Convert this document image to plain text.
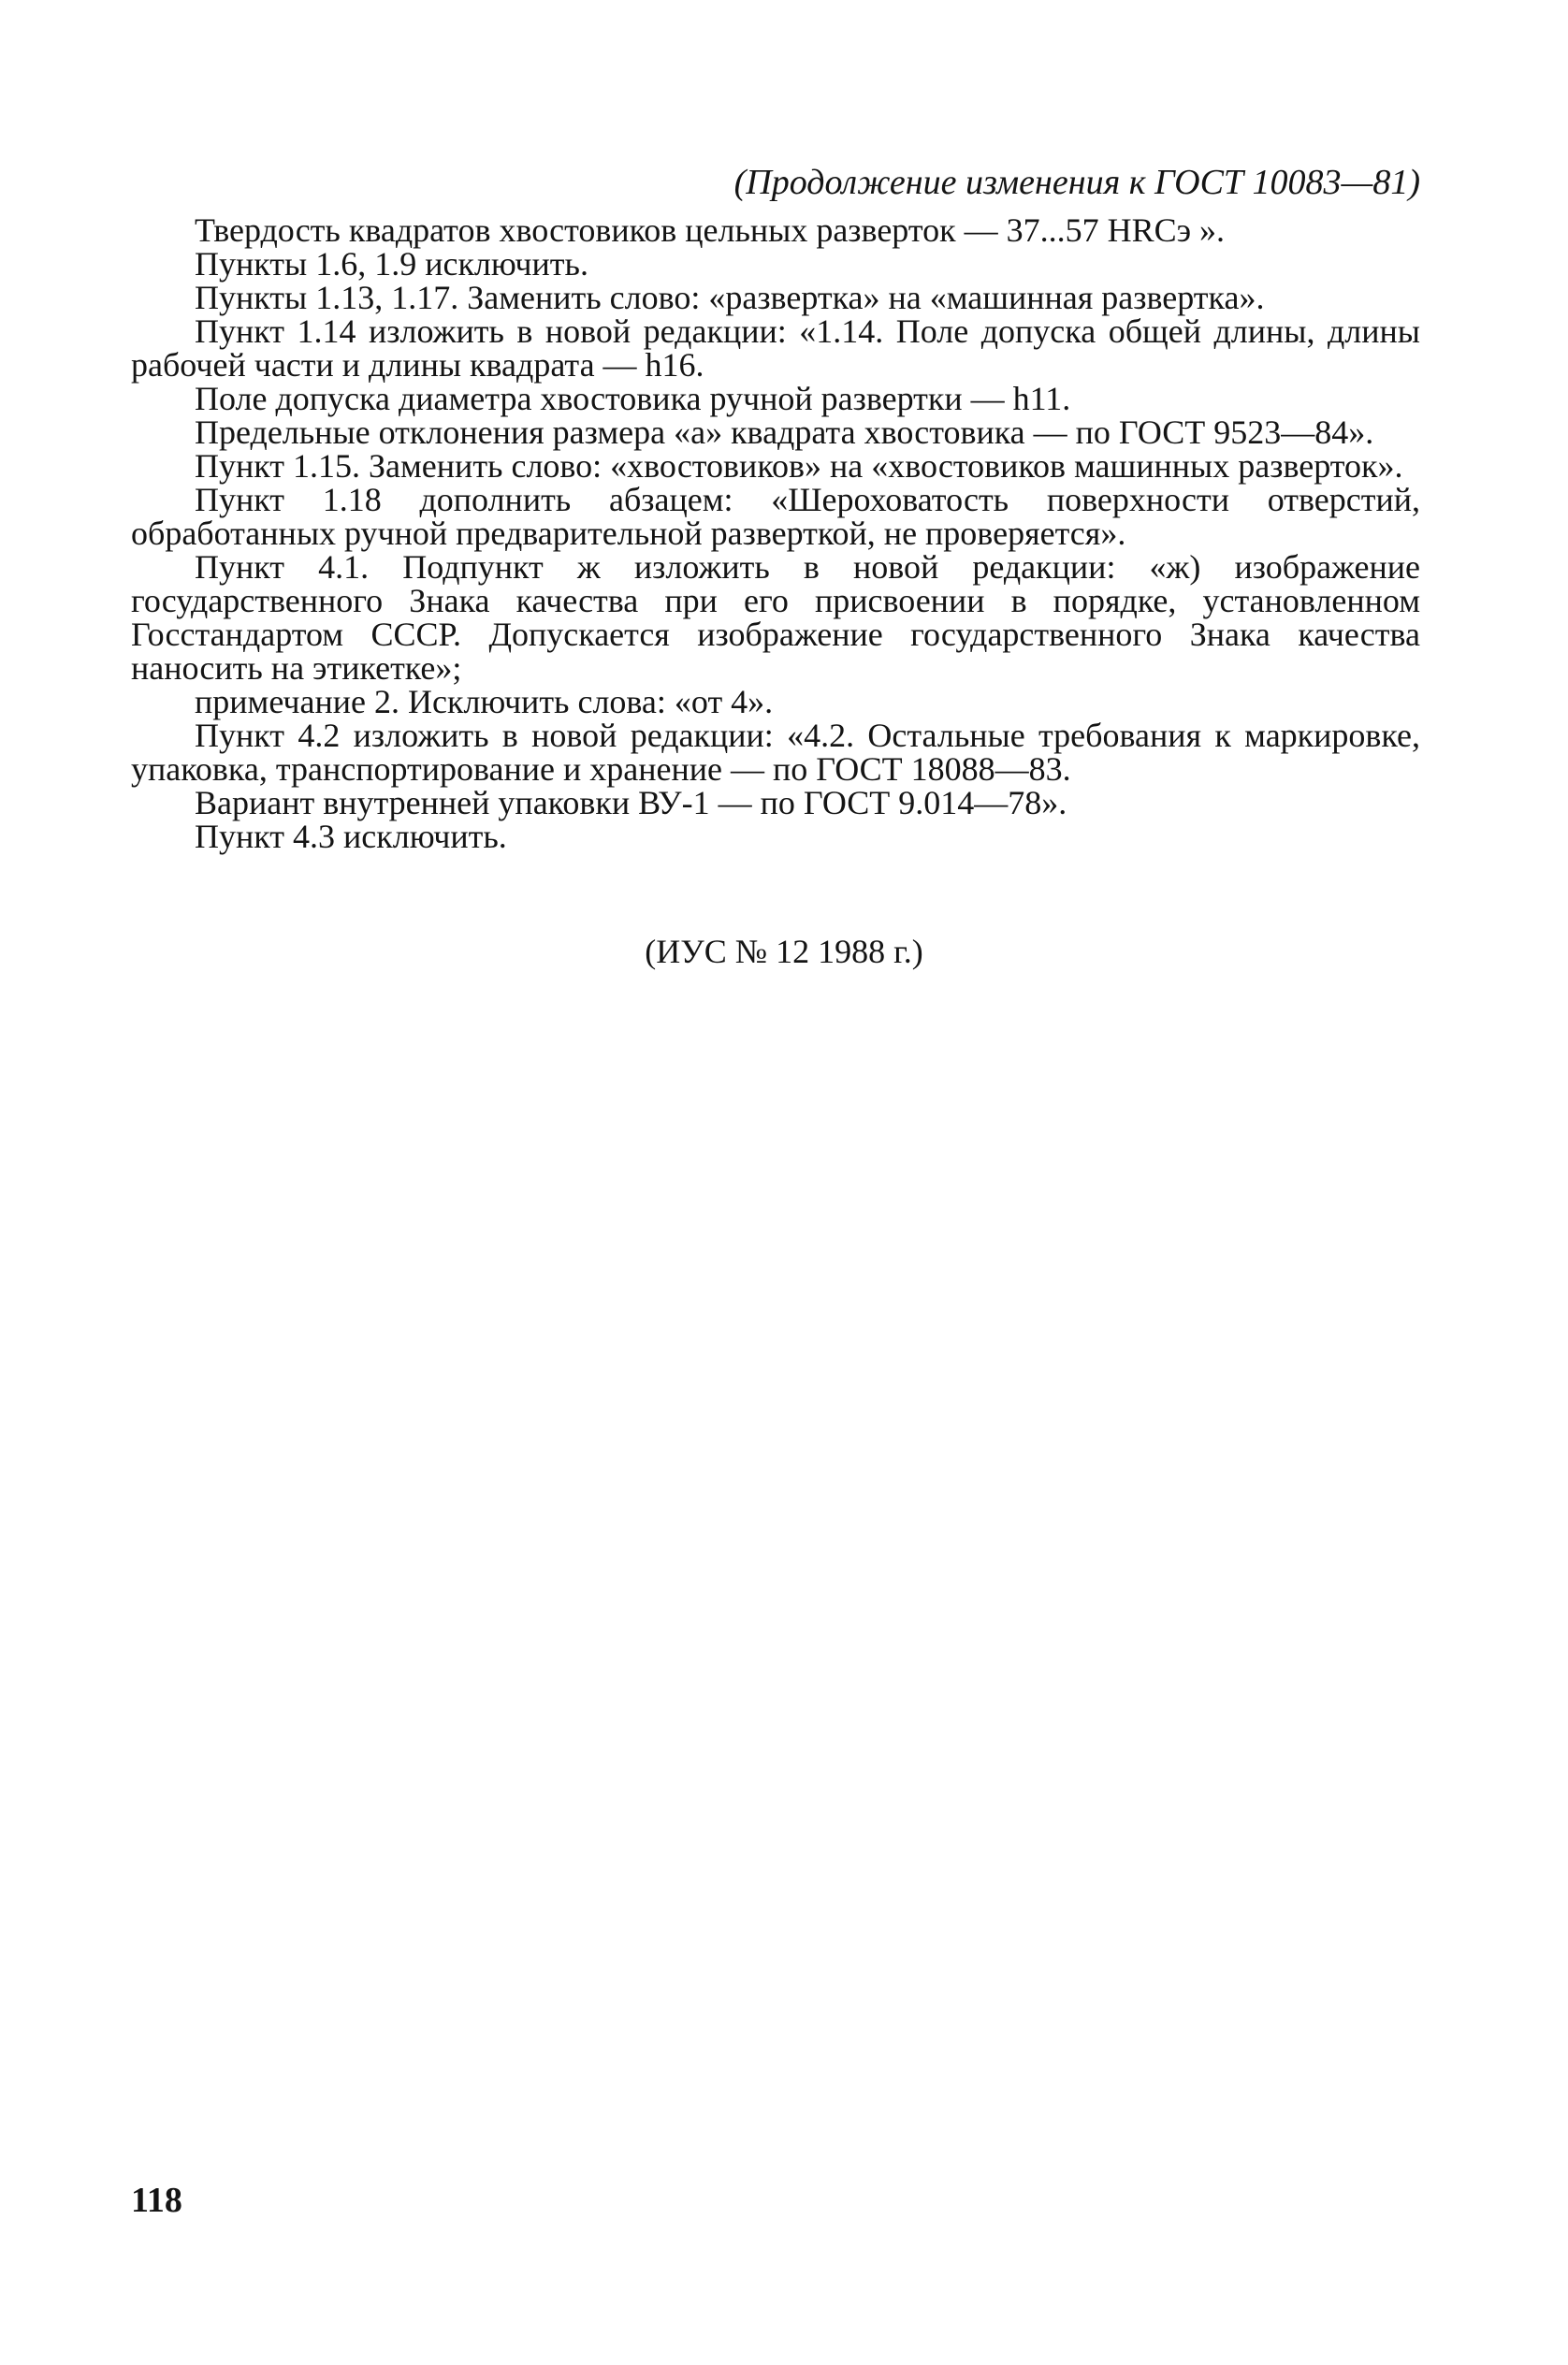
(Продолжение изменения к ГОСТ 10083—81)

Твердость квадратов хвостовиков цельных разверток — 37...57 HRCэ ».

Пункты 1.6, 1.9 исключить.

Пункты 1.13, 1.17. Заменить слово: «развертка» на «машинная развертка».

Пункт 1.14 изложить в новой редакции: «1.14. Поле допуска общей длины, длины рабочей части и длины квадрата — h16.

Поле допуска диаметра хвостовика ручной развертки — h11.

Предельные отклонения размера «а» квадрата хвостовика — по ГОСТ 9523—84».

Пункт 1.15. Заменить слово: «хвостовиков» на «хвостовиков машинных разверток».

Пункт 1.18 дополнить абзацем: «Шероховатость поверхности отверстий, обработанных ручной предварительной разверткой, не проверяется».

Пункт 4.1. Подпункт ж изложить в новой редакции: «ж) изображение государственного Знака качества при его присвоении в порядке, установленном Госстандартом СССР. Допускается изображение государственного Знака качества наносить на этикетке»;

примечание 2. Исключить слова: «от 4».

Пункт 4.2 изложить в новой редакции: «4.2. Остальные требования к маркировке, упаковка, транспортирование и хранение — по ГОСТ 18088—83.

Вариант внутренней упаковки ВУ-1 — по ГОСТ 9.014—78».

Пункт 4.3 исключить.

(ИУС № 12 1988 г.)
118
